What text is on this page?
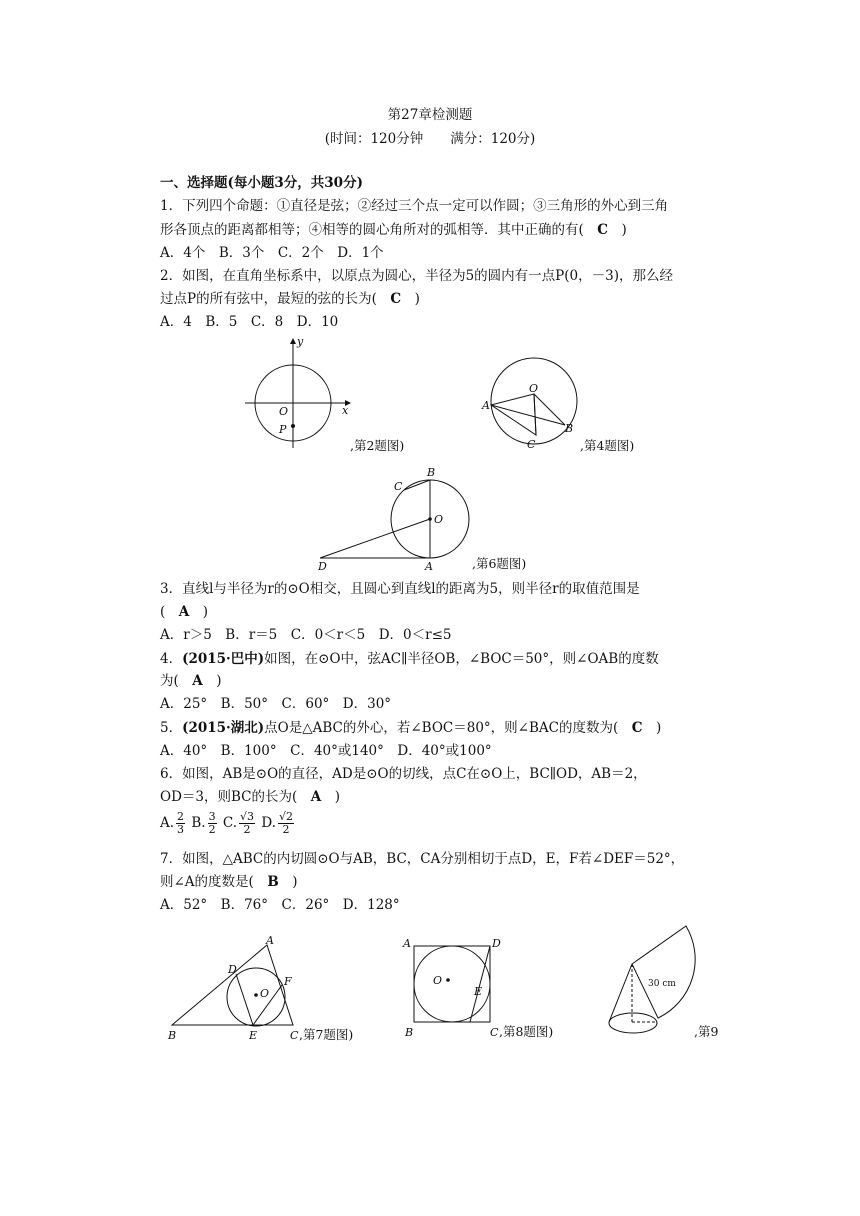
第27章检测题
(时间：120分钟　　满分：120分)
一、选择题(每小题3分，共30分)
1．下列四个命题：①直径是弦；②经过三个点一定可以作圆；③三角形的外心到三角
形各顶点的距离都相等；④相等的圆心角所对的弧相等．其中正确的有(　C　)
A．4个　B．3个　C．2个　D．1个
2．如图，在直角坐标系中，以原点为圆心，半径为5的圆内有一点P(0，－3)，那么经
过点P的所有弦中，最短的弦的长为(　C　)
A．4　B．5　C．8　D．10
y
x
O
P
,第2题图)
O
A
B
C	,第4题图)
B
C
O
D	A	,第6题图)
3．直线l与半径为r的⊙O相交，且圆心到直线l的距离为5，则半径r的取值范围是
(　A　)
A．r＞5　B．r＝5　C．0＜r＜5　D．0＜r≤5
4．(2015·巴中)如图，在⊙O中，弦AC∥半径OB，∠BOC＝50°，则∠OAB的度数
为(　A　)
A．25°　B．50°　C．60°　D．30°
5．(2015·湖北)点O是△ABC的外心，若∠BOC＝80°，则∠BAC的度数为(　C　)
A．40°　B．100°　C．40°或140°　D．40°或100°
6．如图，AB是⊙O的直径，AD是⊙O的切线，点C在⊙O上，BC∥OD，AB＝2，
OD＝3，则BC的长为(　A　)
A. $\frac{2}{3} B$. $\frac{3}{2} C$. $\frac{√3}{2} D$. $\frac{√2}{2}$
7．如图，△ABC的内切圆⊙O与AB，BC，CA分别相切于点D，E，F若∠DEF＝52°，
则∠A的度数是(　B　)
A．52°　B．76°　C．26°　D．128°
A
D
F
O
B	E	C ,第7题图)
A	D
O
E
B	C ,第8题图)
30 cm
,第9
